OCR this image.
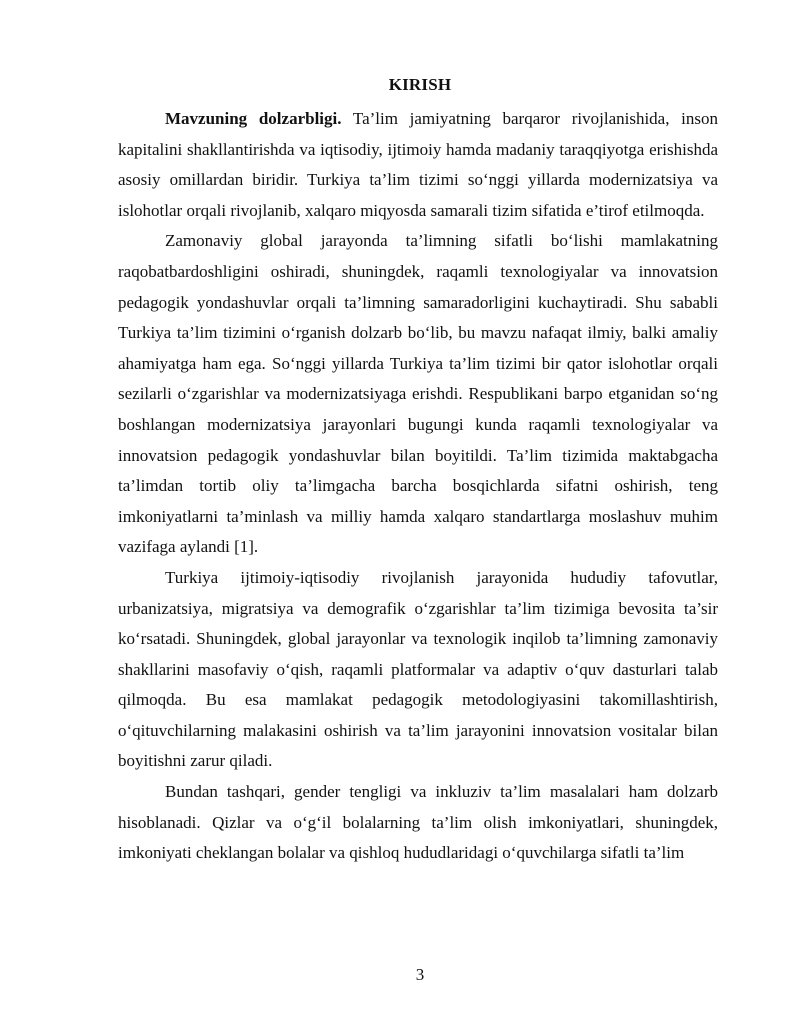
KIRISH

Mavzuning dolzarbligi. Ta’lim jamiyatning barqaror rivojlanishida, inson kapitalini shakllantirishda va iqtisodiy, ijtimoiy hamda madaniy taraqqiyotga erishishda asosiy omillardan biridir. Turkiya ta’lim tizimi so‘nggi yillarda modernizatsiya va islohotlar orqali rivojlanib, xalqaro miqyosda samarali tizim sifatida e’tirof etilmoqda.

Zamonaviy global jarayonda ta’limning sifatli bo‘lishi mamlakatning raqobatbardoshligini oshiradi, shuningdek, raqamli texnologiyalar va innovatsion pedagogik yondashuvlar orqali ta’limning samaradorligini kuchaytiradi. Shu sababli Turkiya ta’lim tizimini o‘rganish dolzarb bo‘lib, bu mavzu nafaqat ilmiy, balki amaliy ahamiyatga ham ega. So‘nggi yillarda Turkiya ta’lim tizimi bir qator islohotlar orqali sezilarli o‘zgarishlar va modernizatsiyaga erishdi. Respublikani barpo etganidan so‘ng boshlangan modernizatsiya jarayonlari bugungi kunda raqamli texnologiyalar va innovatsion pedagogik yondashuvlar bilan boyitildi. Ta’lim tizimida maktabgacha ta’limdan tortib oliy ta’limgacha barcha bosqichlarda sifatni oshirish, teng imkoniyatlarni ta’minlash va milliy hamda xalqaro standartlarga moslashuv muhim vazifaga aylandi [1].

Turkiya ijtimoiy-iqtisodiy rivojlanish jarayonida hududiy tafovutlar, urbanizatsiya, migratsiya va demografik o‘zgarishlar ta’lim tizimiga bevosita ta’sir ko‘rsatadi. Shuningdek, global jarayonlar va texnologik inqilob ta’limning zamonaviy shakllarini masofaviy o‘qish, raqamli platformalar va adaptiv o‘quv dasturlari talab qilmoqda. Bu esa mamlakat pedagogik metodologiyasini takomillashtirish, o‘qituvchilarning malakasini oshirish va ta’lim jarayonini innovatsion vositalar bilan boyitishni zarur qiladi.

Bundan tashqari, gender tengligi va inkluziv ta’lim masalalari ham dolzarb hisoblanadi. Qizlar va o‘g‘il bolalarning ta’lim olish imkoniyatlari, shuningdek, imkoniyati cheklangan bolalar va qishloq hududlaridagi o‘quvchilarga sifatli ta’lim

3
